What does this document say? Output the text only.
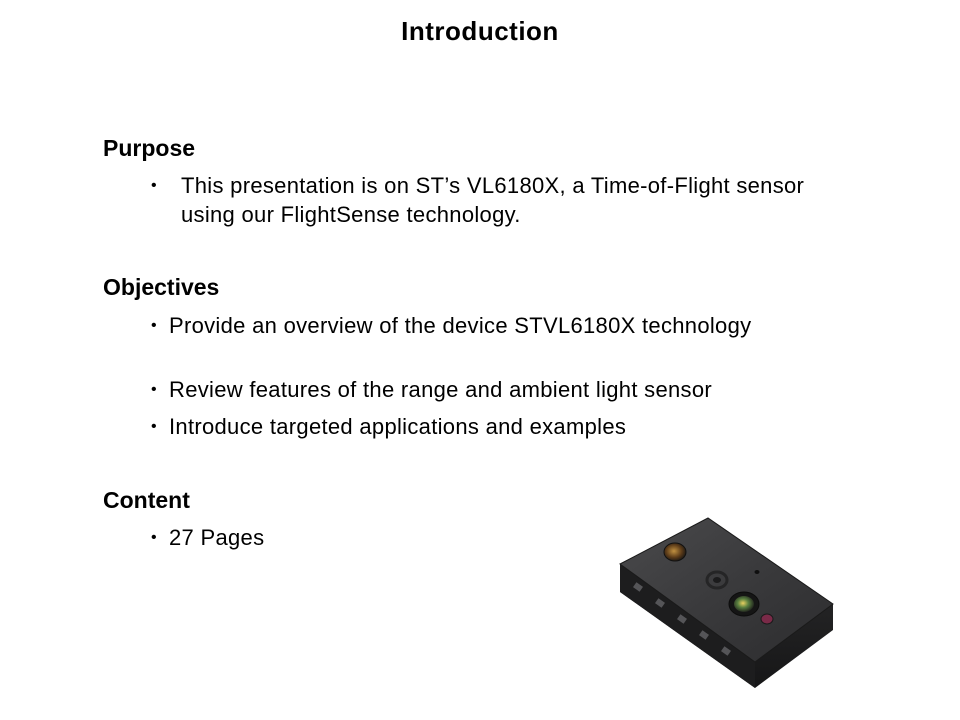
Introduction
Purpose
• This presentation is on ST’s VL6180X, a Time-of-Flight sensor using our FlightSense technology.
Objectives
• Provide an overview of the device STVL6180X technology
• Review features of the range and ambient light sensor
• Introduce targeted applications and examples
Content
• 27 Pages
